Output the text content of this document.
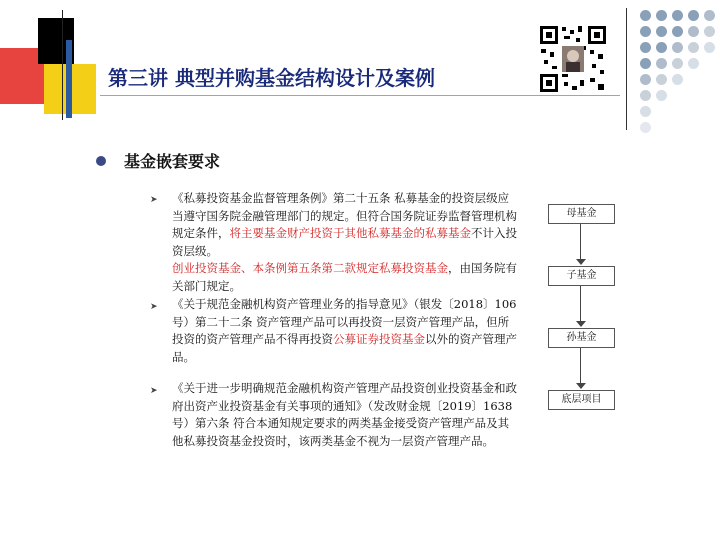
第三讲 典型并购基金结构设计及案例
基金嵌套要求
➤ 《私募投资基金监督管理条例》第二十五条 私募基金的投资层级应当遵守国务院金融管理部门的规定。但符合国务院证券监督管理机构规定条件，将主要基金财产投资于其他私募基金的私募基金不计入投资层级。
创业投资基金、本条例第五条第二款规定私募投资基金，由国务院有关部门规定。
➤ 《关于规范金融机构资产管理业务的指导意见》（银发〔2018〕106号）第二十二条 资产管理产品可以再投资一层资产管理产品，但所投资的资产管理产品不得再投资公募证券投资基金以外的资产管理产品。
➤ 《关于进一步明确规范金融机构资产管理产品投资创业投资基金和政府出资产业投资基金有关事项的通知》（发改财金规〔2019〕1638号）第六条 符合本通知规定要求的两类基金接受资产管理产品及其他私募投资基金投资时，该两类基金不视为一层资产管理产品。
母基金
子基金
孙基金
底层项目
